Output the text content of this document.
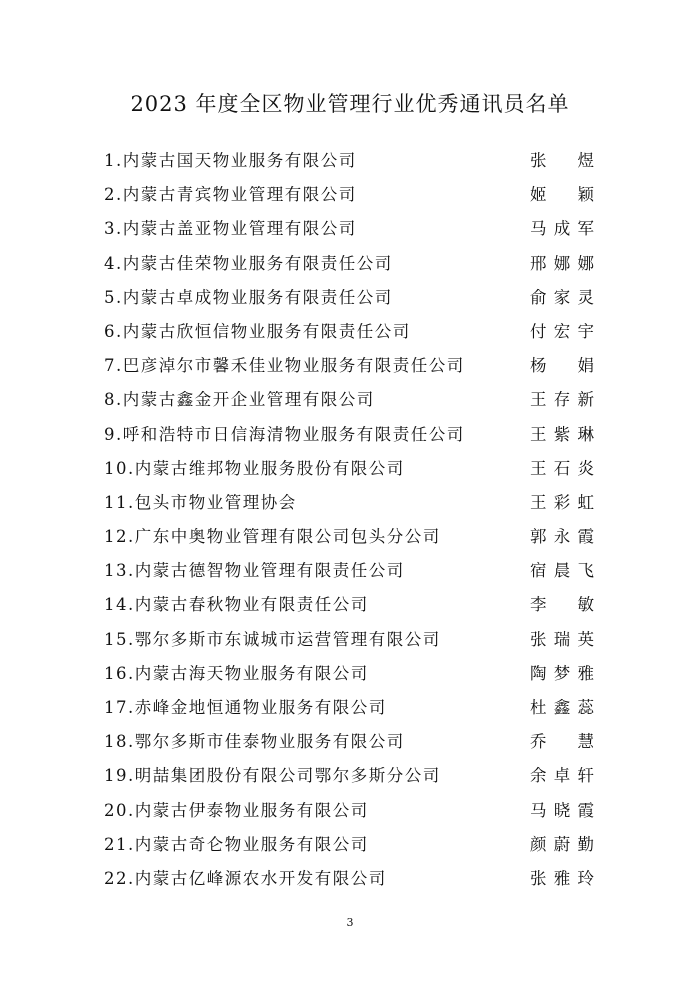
2023 年度全区物业管理行业优秀通讯员名单
1.内蒙古国天物业服务有限公司	张 煜
2.内蒙古青宾物业管理有限公司	姬 颖
3.内蒙古盖亚物业管理有限公司	马成军
4.内蒙古佳荣物业服务有限责任公司	邢娜娜
5.内蒙古卓成物业服务有限责任公司	俞家灵
6.内蒙古欣恒信物业服务有限责任公司	付宏宇
7.巴彦淖尔市馨禾佳业物业服务有限责任公司	杨 娟
8.内蒙古鑫金开企业管理有限公司	王存新
9.呼和浩特市日信海清物业服务有限责任公司	王紫琳
10.内蒙古维邦物业服务股份有限公司	王石炎
11.包头市物业管理协会	王彩虹
12.广东中奥物业管理有限公司包头分公司	郭永霞
13.内蒙古德智物业管理有限责任公司	宿晨飞
14.内蒙古春秋物业有限责任公司	李 敏
15.鄂尔多斯市东诚城市运营管理有限公司	张瑞英
16.内蒙古海天物业服务有限公司	陶梦雅
17.赤峰金地恒通物业服务有限公司	杜鑫蕊
18.鄂尔多斯市佳泰物业服务有限公司	乔 慧
19.明喆集团股份有限公司鄂尔多斯分公司	余卓轩
20.内蒙古伊泰物业服务有限公司	马晓霞
21.内蒙古奇仑物业服务有限公司	颜蔚勤
22.内蒙古亿峰源农水开发有限公司	张雅玲
3
